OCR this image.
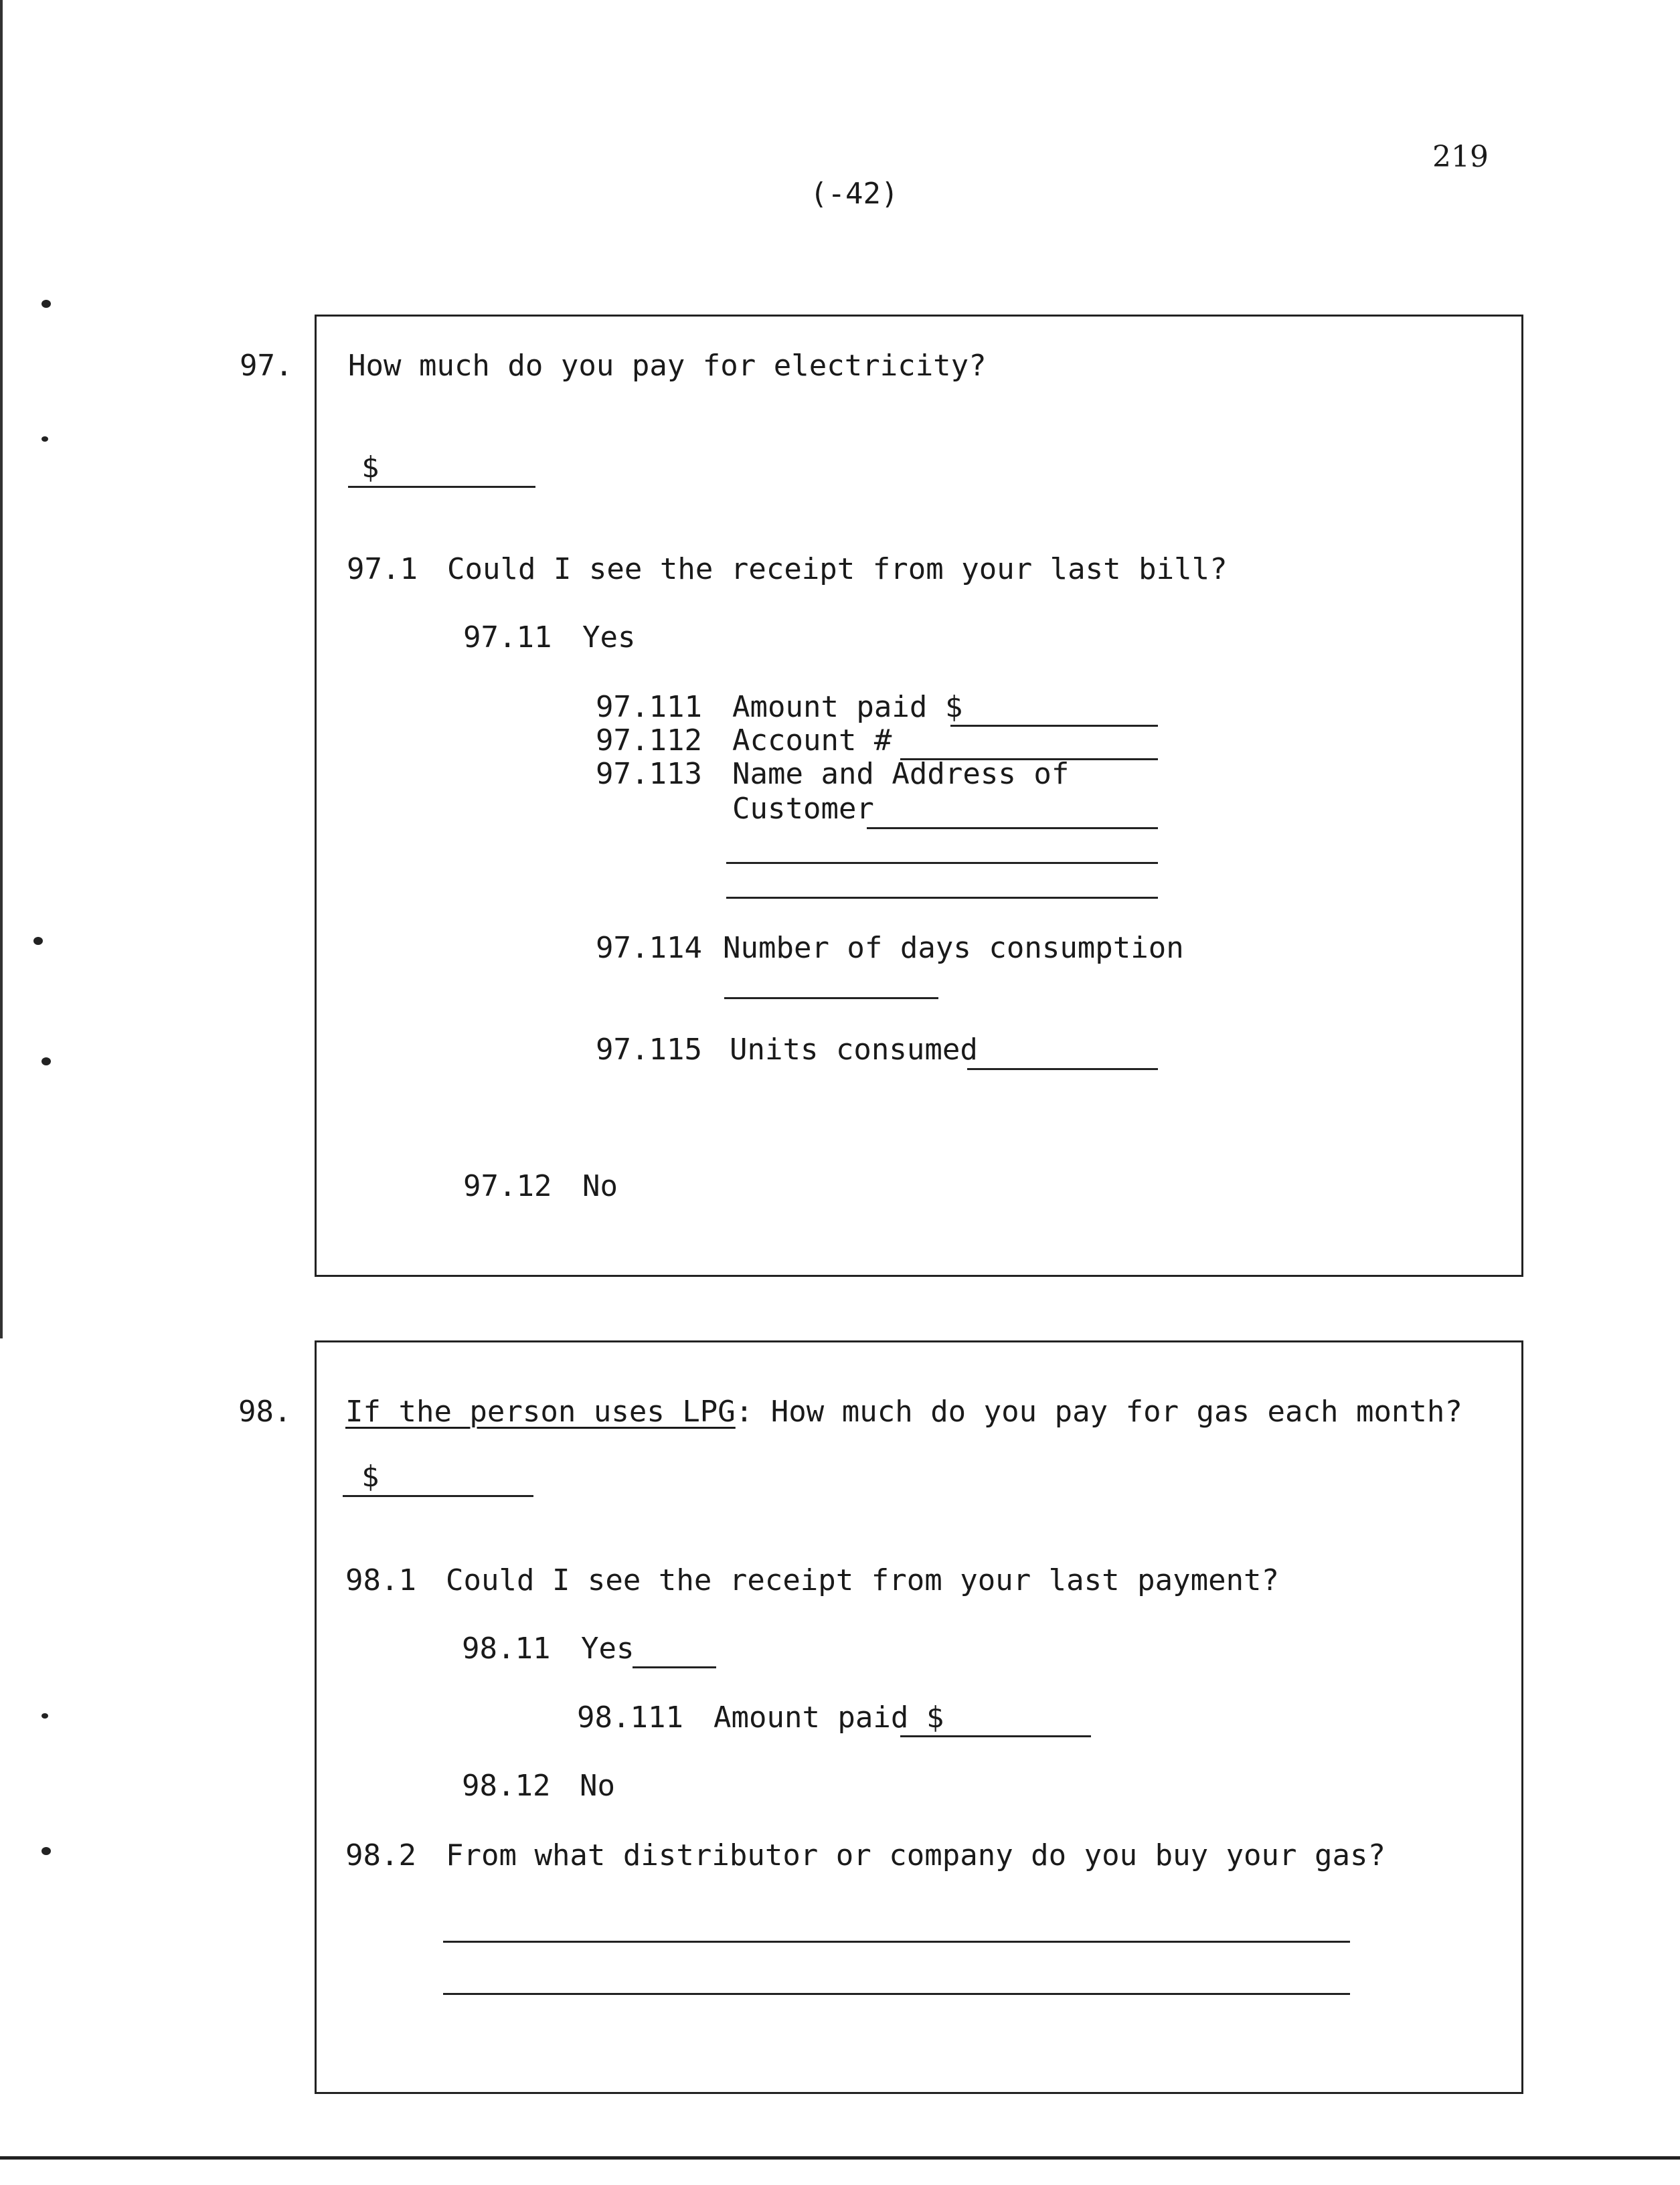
219
(-42)
97. How much do you pay for electricity?
$
97.1 Could I see the receipt from your last bill?
97.11 Yes
97.111 Amount paid $
97.112 Account #
97.113 Name and Address of
Customer
97.114 Number of days consumption
97.115 Units consumed
97.12 No
98. If the person uses LPG: How much do you pay for gas each month?
$
98.1 Could I see the receipt from your last payment?
98.11 Yes
98.111 Amount paid $
98.12 No
98.2 From what distributor or company do you buy your gas?
